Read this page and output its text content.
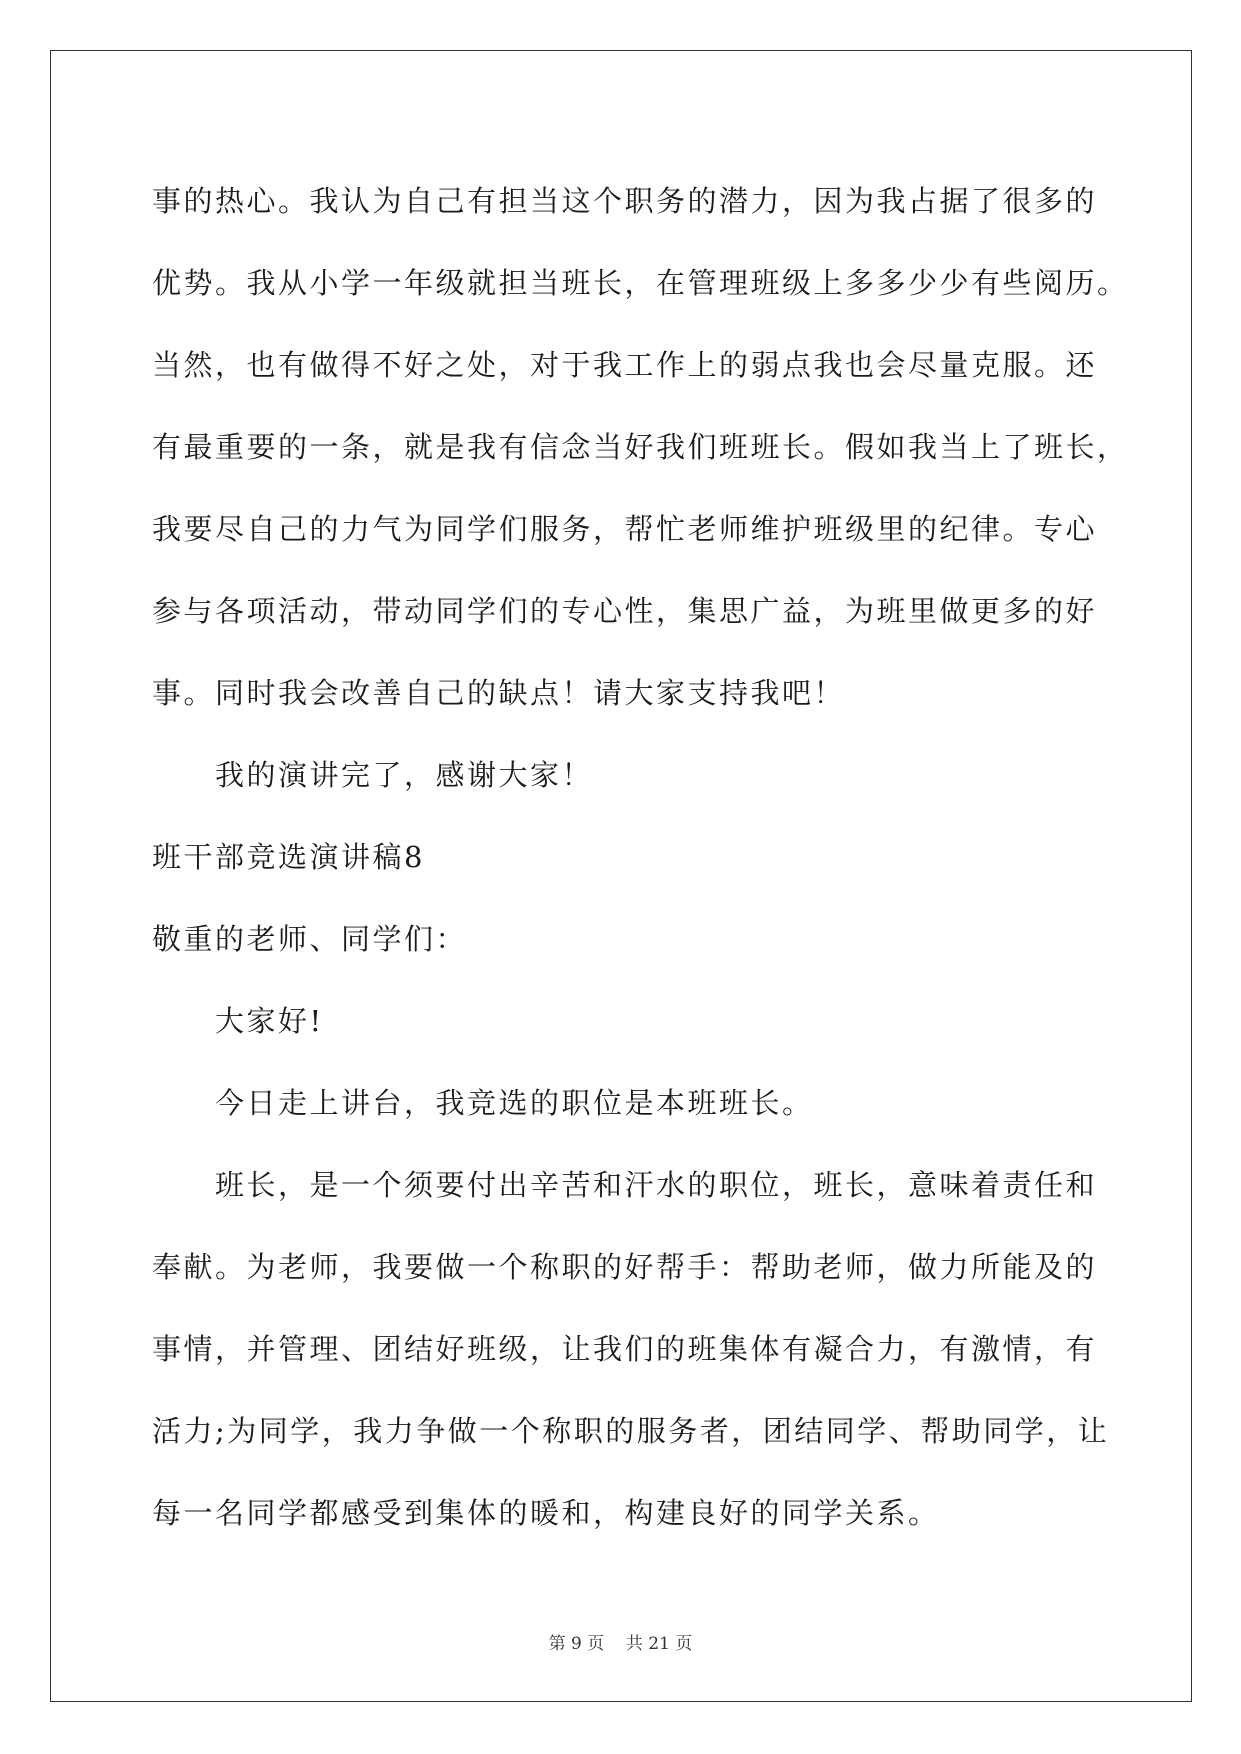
事的热心。我认为自己有担当这个职务的潜力，因为我占据了很多的
优势。我从小学一年级就担当班长，在管理班级上多多少少有些阅历。
当然，也有做得不好之处，对于我工作上的弱点我也会尽量克服。还
有最重要的一条，就是我有信念当好我们班班长。假如我当上了班长，
我要尽自己的力气为同学们服务，帮忙老师维护班级里的纪律。专心
参与各项活动，带动同学们的专心性，集思广益，为班里做更多的好
事。同时我会改善自己的缺点！请大家支持我吧！
我的演讲完了，感谢大家！
班干部竞选演讲稿8
敬重的老师、同学们：
大家好!
今日走上讲台，我竞选的职位是本班班长。
班长，是一个须要付出辛苦和汗水的职位，班长，意味着责任和
奉献。为老师，我要做一个称职的好帮手：帮助老师，做力所能及的
事情，并管理、团结好班级，让我们的班集体有凝合力，有激情，有
活力;为同学，我力争做一个称职的服务者，团结同学、帮助同学，让
每一名同学都感受到集体的暖和，构建良好的同学关系。
第 9 页    共 21 页
